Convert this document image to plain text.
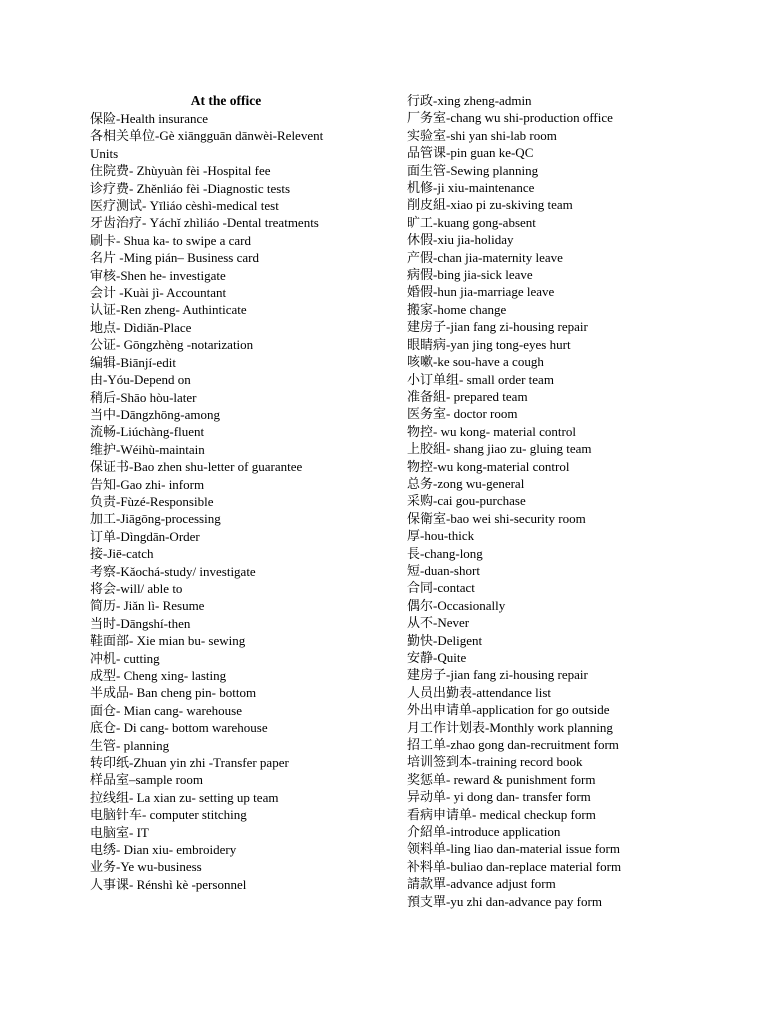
At the office
保险-Health insurance
各相关单位-Gè xiāngguān dānwèi-Relevent Units
住院费- Zhùyuàn fèi -Hospital fee
诊疗费- Zhěnliáo fèi -Diagnostic tests
医疗测试- Yīliáo cèshì-medical test
牙齿治疗- Yáchǐ zhìliáo -Dental treatments
刷卡- Shua ka- to swipe a card
名片 -Ming pián– Business card
审核-Shen he- investigate
会计 -Kuài jì- Accountant
认证-Ren zheng- Authinticate
地点- Dìdiǎn-Place
公证- Gōngzhèng -notarization
编辑-Biānjí-edit
由-Yóu-Depend on
稍后-Shāo hòu-later
当中-Dāngzhōng-among
流畅-Liúchàng-fluent
维护-Wéihù-maintain
保证书-Bao zhen shu-letter of guarantee
告知-Gao zhi- inform
负责-Fùzé-Responsible
加工-Jiāgōng-processing
订单-Dìngdān-Order
接-Jiē-catch
考察-Kǎochá-study/ investigate
将会-will/ able to
简历- Jiǎn lì- Resume
当时-Dāngshí-then
鞋面部- Xie mian bu- sewing
冲机- cutting
成型- Cheng xing- lasting
半成品- Ban cheng pin- bottom
面仓- Mian cang- warehouse
底仓- Di cang- bottom warehouse
生管- planning
转印纸-Zhuan yin zhi -Transfer paper
样品室–sample room
拉线组- La xian zu- setting up team
电脑针车- computer stitching
电脑室- IT
电绣- Dian xiu- embroidery
业务-Ye wu-business
人事课- Rénshì kè -personnel
行政-xing zheng-admin
厂务室-chang wu shi-production office
实验室-shi yan shi-lab room
品管课-pin guan ke-QC
面生管-Sewing planning
机修-ji xiu-maintenance
削皮組-xiao pi zu-skiving team
旷工-kuang gong-absent
休假-xiu jia-holiday
产假-chan jia-maternity leave
病假-bing jia-sick leave
婚假-hun jia-marriage leave
搬家-home change
建房子-jian fang zi-housing repair
眼睛病-yan jing tong-eyes hurt
咳嗽-ke sou-have a cough
小订单组- small order team
准备組- prepared team
医务室- doctor room
物控- wu kong- material control
上胶組- shang jiao zu- gluing team
物控-wu kong-material control
总务-zong wu-general
采购-cai gou-purchase
保衛室-bao wei shi-security room
厚-hou-thick
長-chang-long
短-duan-short
合同-contact
偶尔-Occasionally
从不-Never
勤快-Deligent
安静-Quite
建房子-jian fang zi-housing repair
人员出勤表-attendance list
外出申请单-application for go outside
月工作计划表-Monthly work planning
招工单-zhao gong dan-recruitment form
培训签到本-training record book
奖惩单- reward & punishment form
异动单- yi dong dan- transfer form
看病申请单- medical checkup form
介紹单-introduce application
领料单-ling liao dan-material issue form
补料单-buliao dan-replace material form
請款單-advance adjust form
預支單-yu zhi dan-advance pay form
